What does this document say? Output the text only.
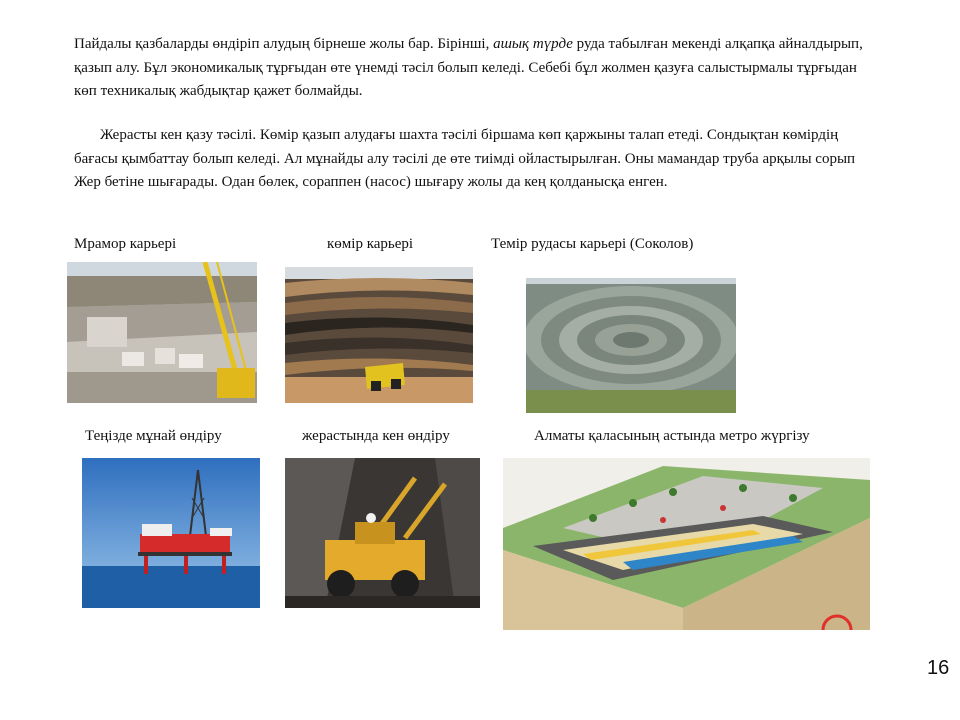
Пайдалы қазбаларды өндіріп алудың бірнеше жолы бар. Бірінші, ашық түрде руда табылған мекенді алқапқа айналдырып, қазып алу. Бұл экономикалық тұрғыдан өте үнемді тәсіл болып келеді. Себебі бұл жолмен қазуға салыстырмалы тұрғыдан көп техникалық жабдықтар қажет болмайды.

Жерасты кен қазу тәсілі. Көмір қазып алудағы шахта тәсілі біршама көп қаржыны талап етеді. Сондықтан көмірдің бағасы қымбаттау болып келеді. Ал мұнайды алу тәсілі де өте тиімді ойластырылған. Оны мамандар труба арқылы сорып Жер бетіне шығарады. Одан бөлек, сораппен (насос) шығару жолы да кең қолданысқа енген.

Мрамор карьері	көмір карьері	Темір рудасы карьері (Соколов)
Теңізде мұнай өндіру	жерастында кен өндіру	Алматы қаласының астында метро жүргізу
16
